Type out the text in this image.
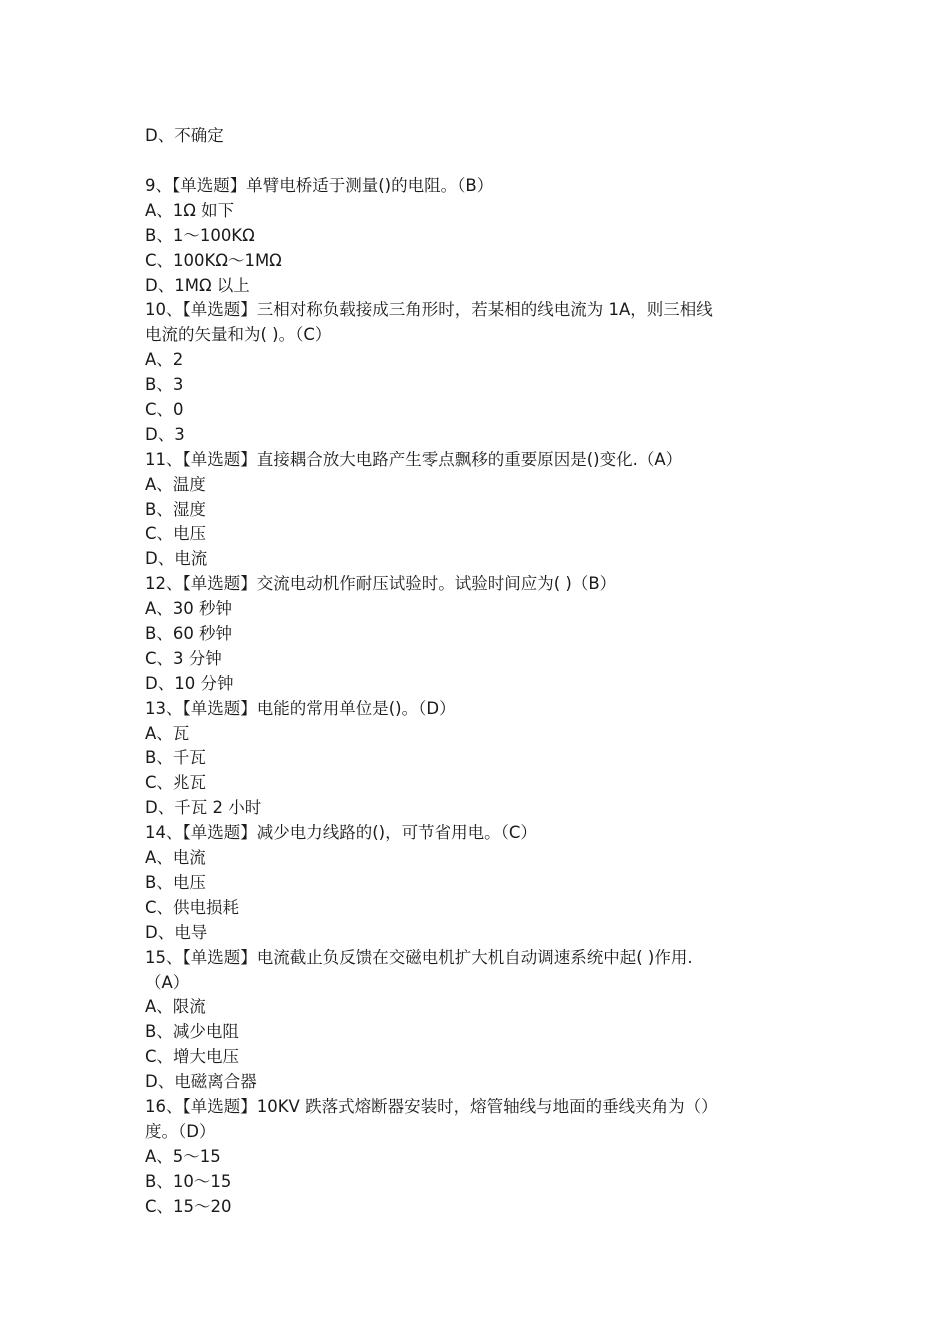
D、不确定
9、【单选题】单臂电桥适于测量()的电阻。（B）
A、1Ω 如下
B、1～100KΩ
C、100KΩ～1MΩ
D、1MΩ 以上
10、【单选题】三相对称负载接成三角形时，若某相的线电流为 1A，则三相线
电流的矢量和为( )。（C）
A、2
B、3
C、0
D、3
11、【单选题】直接耦合放大电路产生零点飘移的重要原因是()变化.（A）
A、温度
B、湿度
C、电压
D、电流
12、【单选题】交流电动机作耐压试验时。试验时间应为( )（B）
A、30 秒钟
B、60 秒钟
C、3 分钟
D、10 分钟
13、【单选题】电能的常用单位是()。（D）
A、瓦
B、千瓦
C、兆瓦
D、千瓦 2 小时
14、【单选题】减少电力线路的()，可节省用电。（C）
A、电流
B、电压
C、供电损耗
D、电导
15、【单选题】电流截止负反馈在交磁电机扩大机自动调速系统中起( )作用.
（A）
A、限流
B、减少电阻
C、增大电压
D、电磁离合器
16、【单选题】10KV 跌落式熔断器安装时，熔管轴线与地面的垂线夹角为（）
度。（D）
A、5～15
B、10～15
C、15～20
